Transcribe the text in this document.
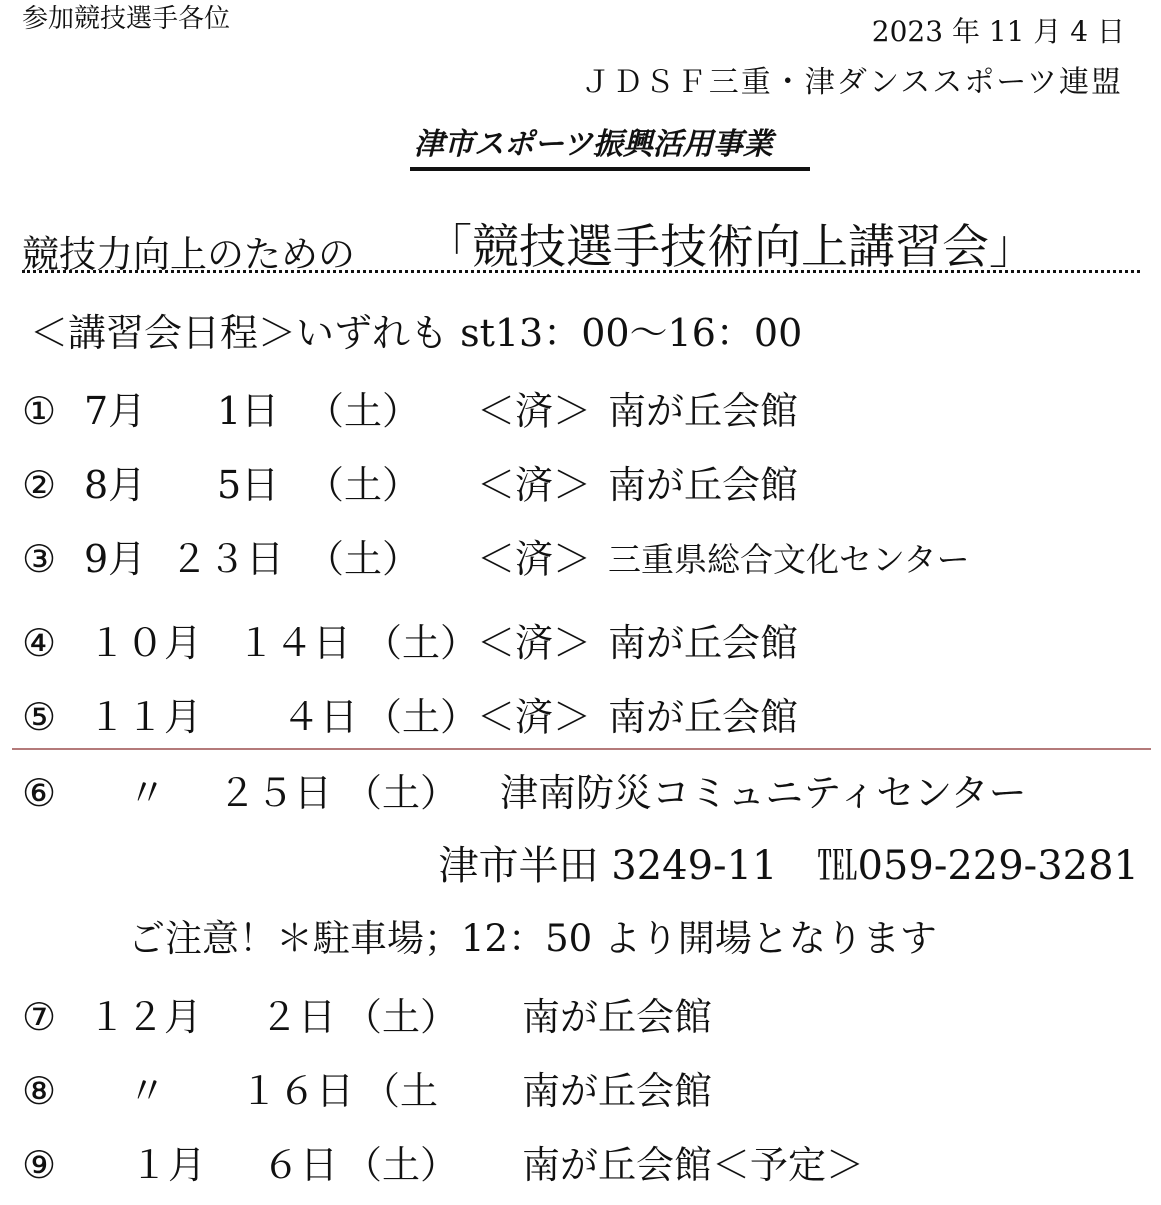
参加競技選手各位	2023 年 11 月 4 日
ＪＤＳＦ三重・津ダンススポーツ連盟
津市スポーツ振興活用事業
競技力向上のための 「競技選手技術向上講習会」
＜講習会日程＞いずれも st13：00～16：00
① 7月 1日 （土） ＜済＞ 南が丘会館
② 8月 5日 （土） ＜済＞ 南が丘会館
③ 9月 ２３日 （土） ＜済＞ 三重県総合文化センター
④ １０月 １４日 （土）
＜済＞ 南が丘会館
⑤ １１月 ４日 （土）
＜済＞ 南が丘会館
⑥ 〃 ２５日 （土） 津南防災コミュニティセンター
津市半田 3249-11　℡059-229-3281
ご注意！＊駐車場；12：50 より開場となります
⑦ １２月 ２日 （土） 南が丘会館
⑧ 〃 １６日 （土 南が丘会館
⑨ １月 ６日 （土） 南が丘会館＜予定＞
